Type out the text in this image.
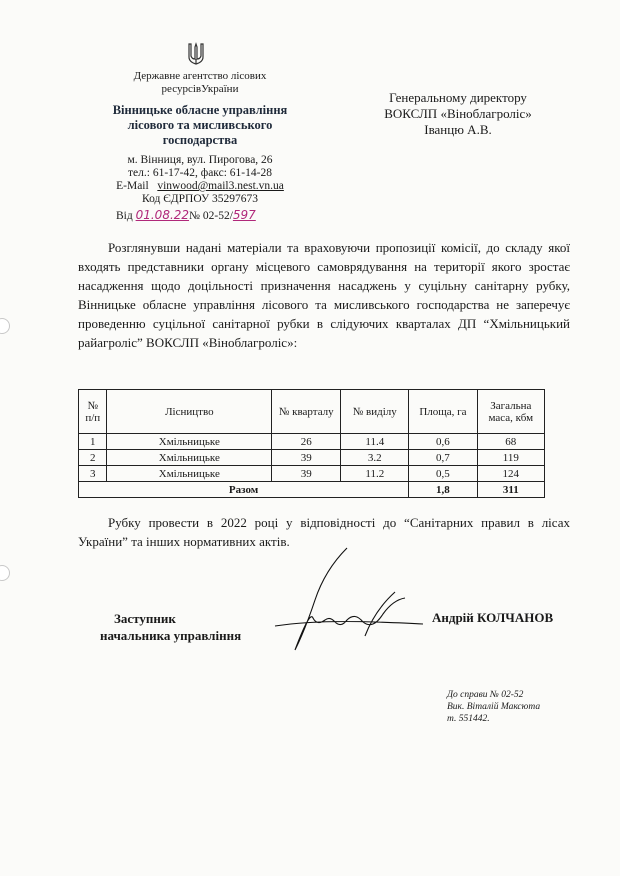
Державне агентство лісових
ресурсівУкраїни
Вінницьке обласне управління
лісового та мисливського
господарства
м. Вінниця, вул. Пирогова, 26
тел.: 61-17-42, факс: 61-14-28
E-Mail vinwood@mail3.nest.vn.ua
Код ЄДРПОУ 35297673
Від 01.08.22№ 02-52/597
Генеральному директору
ВОКСЛП «Віноблагроліс»
Іванцю А.В.
Розглянувши надані матеріали та враховуючи пропозиції комісії, до складу якої входять представники органу місцевого самоврядування на території якого зростає насадження щодо доцільності призначення насаджень у суцільну санітарну рубку, Вінницьке обласне управління лісового та мисливського господарства не заперечує проведенню суцільної санітарної рубки в слідуючих кварталах ДП “Хмільницький райагроліс” ВОКСЛП «Віноблагроліс»:
№ п/п	Лісництво	№ кварталу	№ виділу	Площа, га	Загальна маса, кбм
1	Хмільницьке	26	11.4	0,6	68
2	Хмільницьке	39	3.2	0,7	119
3	Хмільницьке	39	11.2	0,5	124
Разом				1,8	311
Рубку провести в 2022 році у відповідності до “Санітарних правил в лісах України” та інших нормативних актів.
Заступник
начальника управління
Андрій КОЛЧАНОВ
До справи № 02-52
Вик. Віталій Максюта
т. 551442.
